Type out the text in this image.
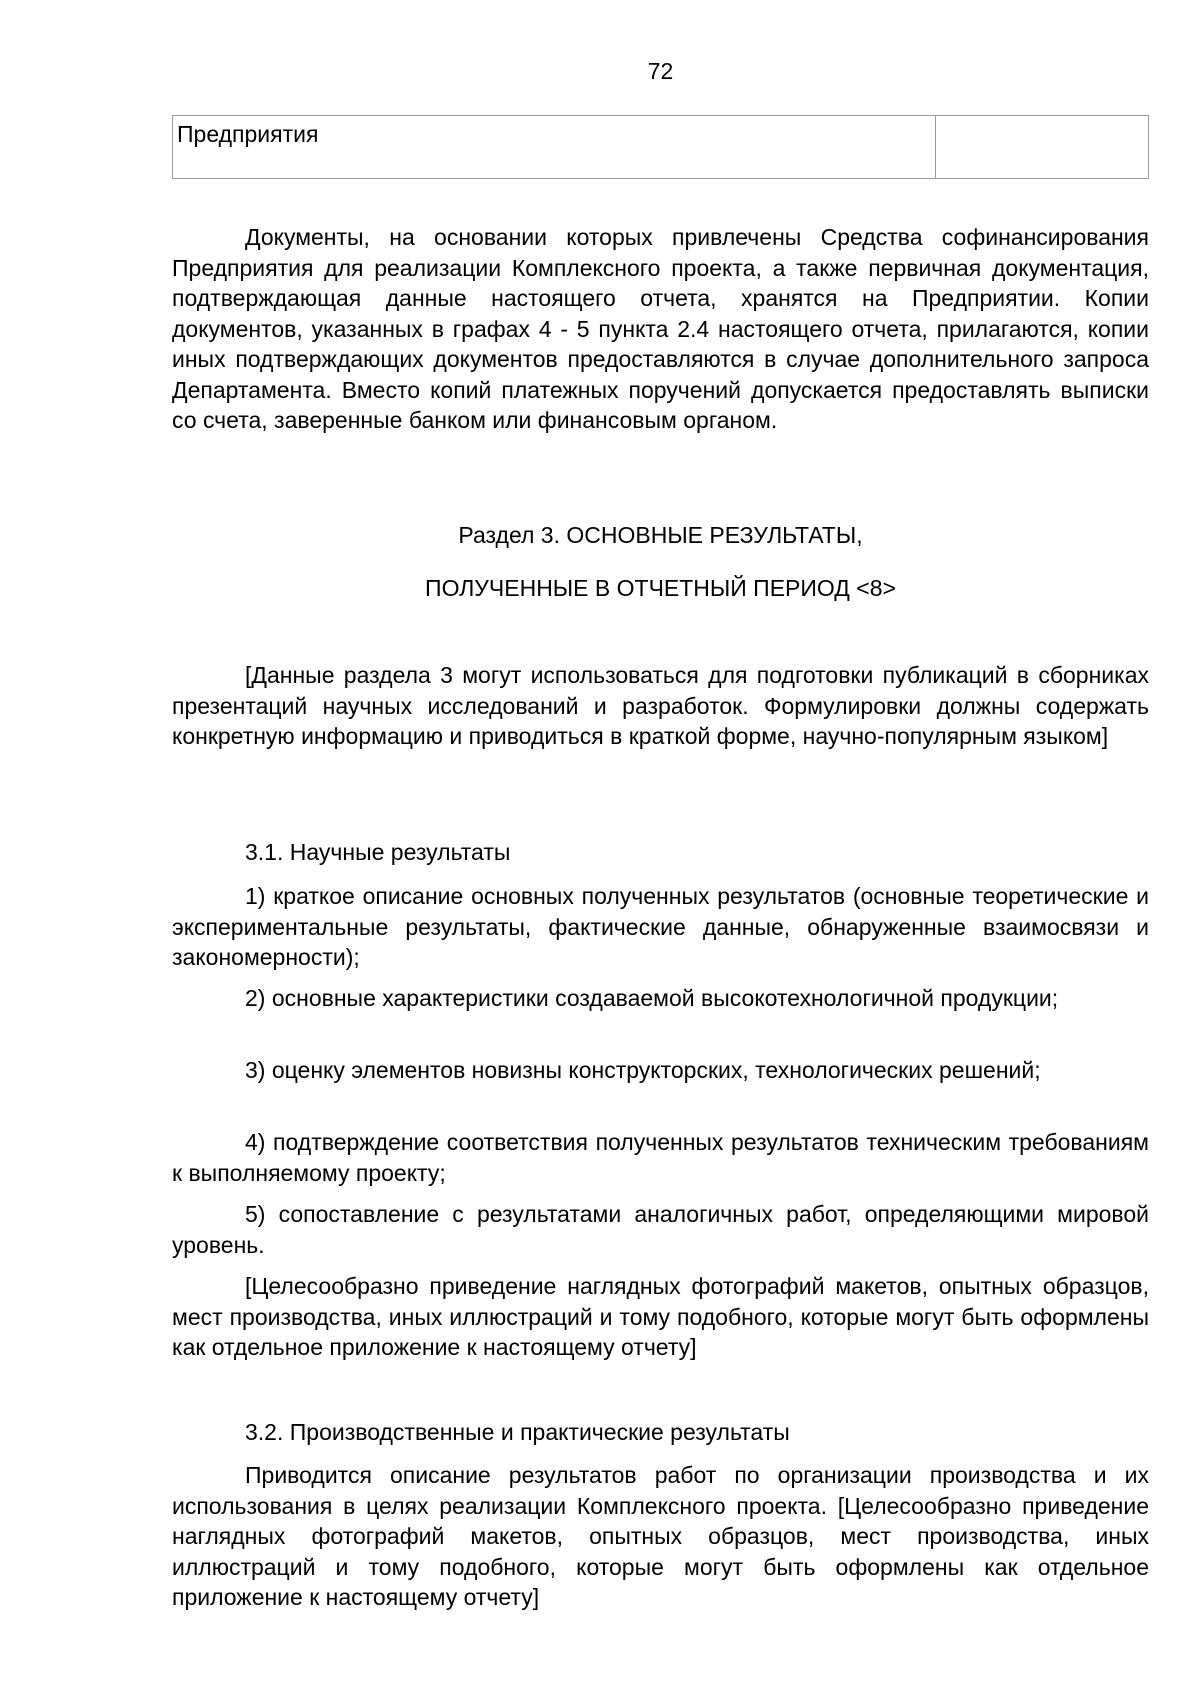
72
Предприятия	

Документы, на основании которых привлечены Средства софинансирования Предприятия для реализации Комплексного проекта, а также первичная документация, подтверждающая данные настоящего отчета, хранятся на Предприятии. Копии документов, указанных в графах 4 - 5 пункта 2.4 настоящего отчета, прилагаются, копии иных подтверждающих документов предоставляются в случае дополнительного запроса Департамента. Вместо копий платежных поручений допускается предоставлять выписки со счета, заверенные банком или финансовым органом.

Раздел 3. ОСНОВНЫЕ РЕЗУЛЬТАТЫ,
ПОЛУЧЕННЫЕ В ОТЧЕТНЫЙ ПЕРИОД <8>

[Данные раздела 3 могут использоваться для подготовки публикаций в сборниках презентаций научных исследований и разработок. Формулировки должны содержать конкретную информацию и приводиться в краткой форме, научно-популярным языком]

3.1. Научные результаты

1) краткое описание основных полученных результатов (основные теоретические и экспериментальные результаты, фактические данные, обнаруженные взаимосвязи и закономерности);

2) основные характеристики создаваемой высокотехнологичной продукции;

3) оценку элементов новизны конструкторских, технологических решений;

4) подтверждение соответствия полученных результатов техническим требованиям к выполняемому проекту;

5) сопоставление с результатами аналогичных работ, определяющими мировой уровень.

[Целесообразно приведение наглядных фотографий макетов, опытных образцов, мест производства, иных иллюстраций и тому подобного, которые могут быть оформлены как отдельное приложение к настоящему отчету]

3.2. Производственные и практические результаты

Приводится описание результатов работ по организации производства и их использования в целях реализации Комплексного проекта. [Целесообразно приведение наглядных фотографий макетов, опытных образцов, мест производства, иных иллюстраций и тому подобного, которые могут быть оформлены как отдельное приложение к настоящему отчету]
